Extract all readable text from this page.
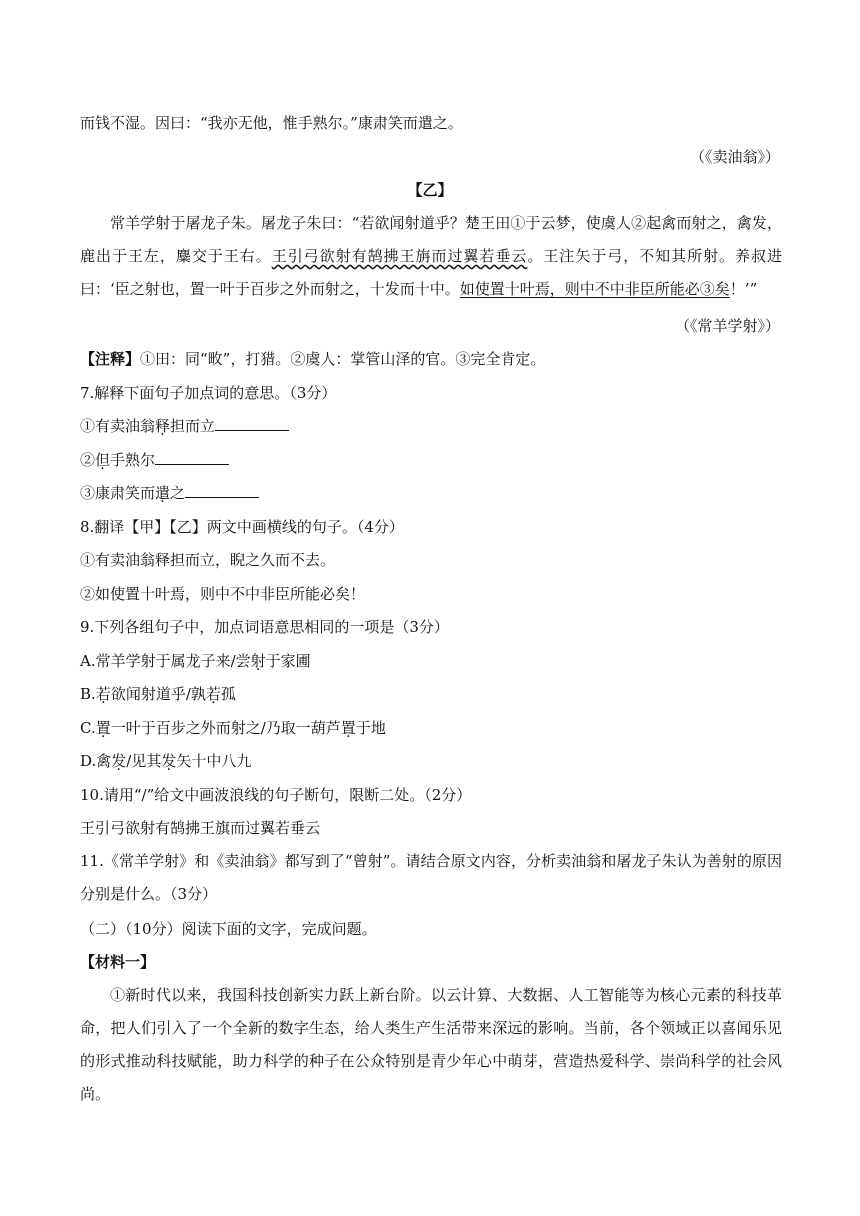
而钱不湿。因曰：“我亦无他，惟手熟尔。”康肃笑而遣之。
（《卖油翁》）
【乙】
常羊学射于屠龙子朱。屠龙子朱曰：“若欲闻射道乎？楚王田①于云梦，使虞人②起禽而射之，禽发，鹿出于王左，麋交于王右。王引弓欲射有鹄拂王旃而过翼若垂云。王注矢于弓，不知其所射。养叔进曰：‘臣之射也，置一叶于百步之外而射之，十发而十中。如使置十叶焉，则中不中非臣所能必③矣！’”
（《常羊学射》）
【注释】①田：同“畋”，打猎。②虞人：掌管山泽的官。③完全肯定。
7.解释下面句子加点词的意思。（3分）
①有卖油翁释担而立
②但手熟尔
③康肃笑而遣之
8.翻译【甲】【乙】两文中画横线的句子。（4分）
①有卖油翁释担而立，睨之久而不去。
②如使置十叶焉，则中不中非臣所能必矣！
9.下列各组句子中，加点词语意思相同的一项是（3分）
A.常羊学射于属龙子来/尝射于家圃
B.若欲闻射道乎/孰若孤
C.置一叶于百步之外而射之/乃取一葫芦置于地
D.禽发/见其发矢十中八九
10.请用“/”给文中画波浪线的句子断句，限断二处。（2分）
王引弓欲射有鹄拂王旗而过翼若垂云
11.《常羊学射》和《卖油翁》都写到了“曾射”。请结合原文内容，分析卖油翁和屠龙子朱认为善射的原因分别是什么。（3分）
（二）（10分）阅读下面的文字，完成问题。
【材料一】
①新时代以来，我国科技创新实力跃上新台阶。以云计算、大数据、人工智能等为核心元素的科技革命，把人们引入了一个全新的数字生态，给人类生产生活带来深远的影响。当前，各个领域正以喜闻乐见的形式推动科技赋能，助力科学的种子在公众特别是青少年心中萌芽，营造热爱科学、崇尚科学的社会风尚。
